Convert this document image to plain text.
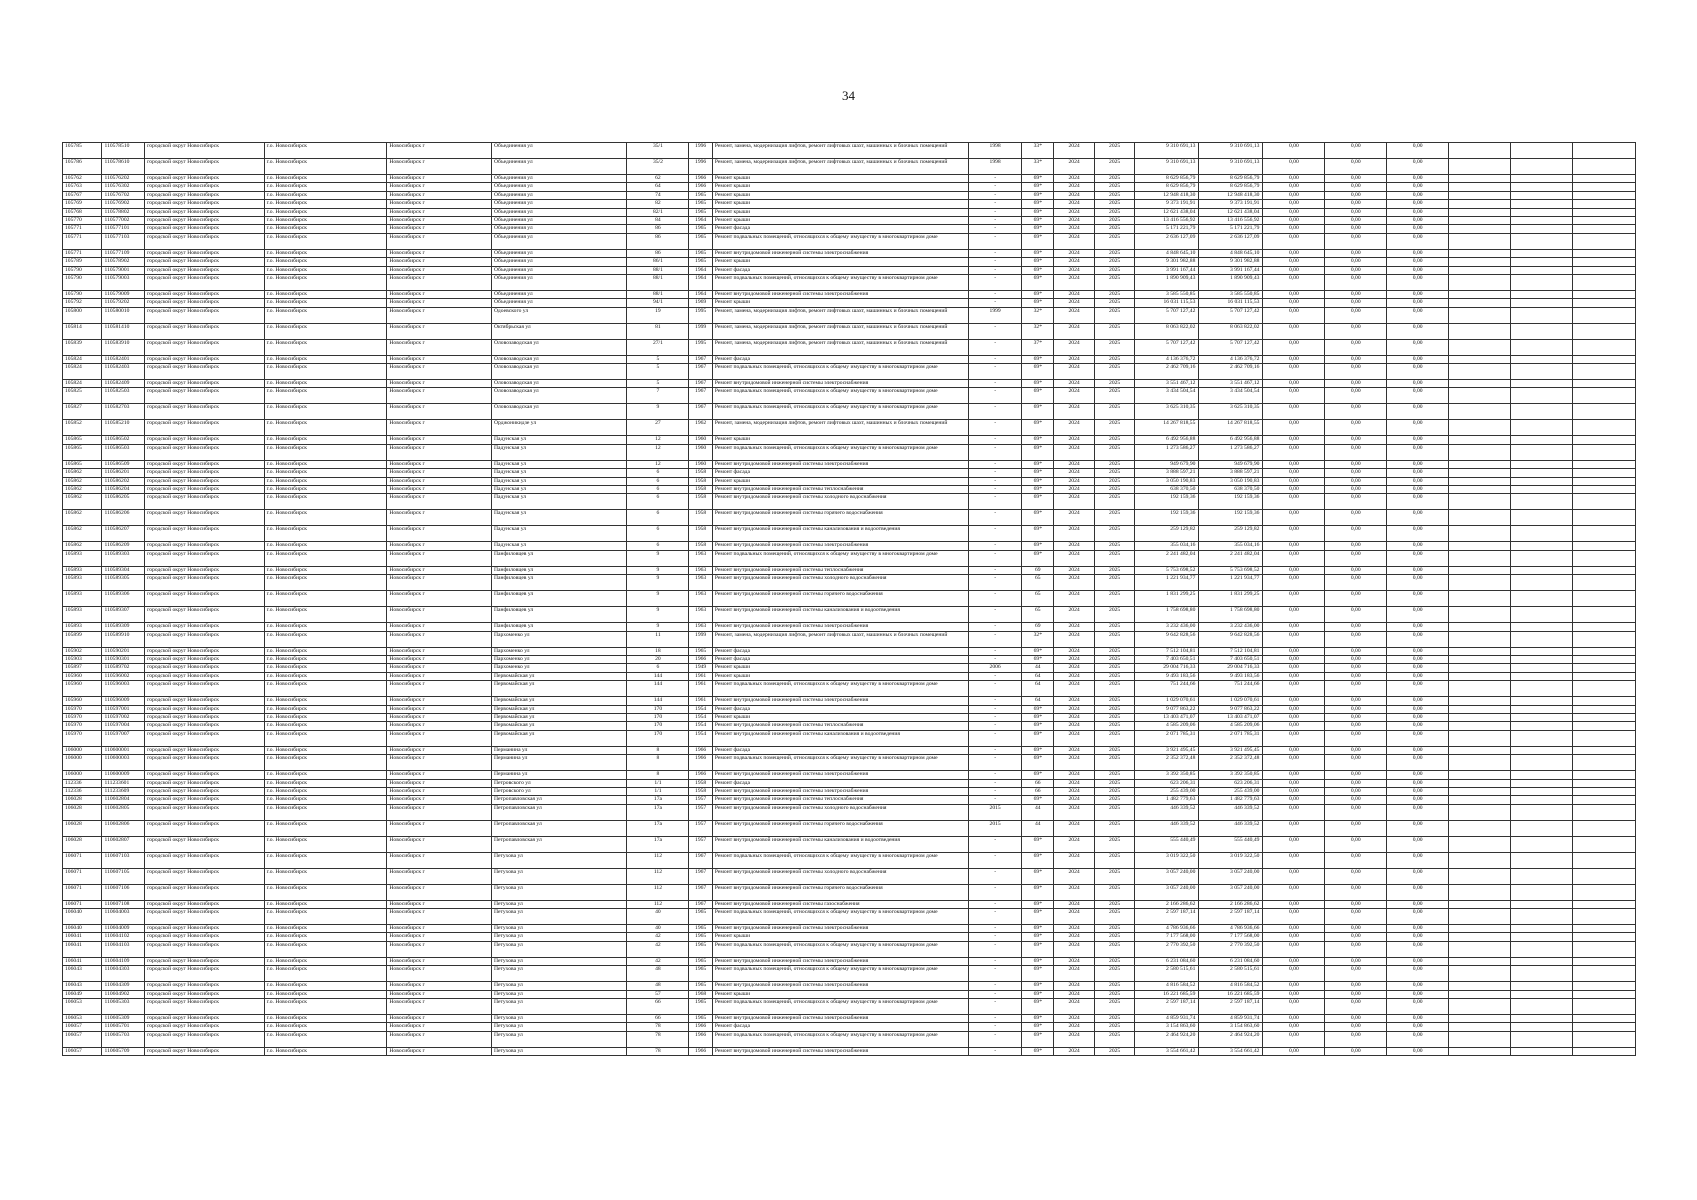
34
105785	110578510	городской округ Новосибирск	г.о. Новосибирск	Новосибирск г	Объединения ул	35/1	1996	Ремонт, замена, модернизация лифтов, ремонт лифтовых шахт, машинных и блочных помещений	1998	33*	2024	2025	9 310 691,13	9 310 691,13	0,00	0,00	0,00			
105786	110578610	городской округ Новосибирск	г.о. Новосибирск	Новосибирск г	Объединения ул	35/2	1996	Ремонт, замена, модернизация лифтов, ремонт лифтовых шахт, машинных и блочных помещений	1998	33*	2024	2025	9 310 691,13	9 310 691,13	0,00	0,00	0,00			
105762	110576202	городской округ Новосибирск	г.о. Новосибирск	Новосибирск г	Объединения ул	62	1966	Ремонт крыши	-	69*	2024	2025	8 629 856,79	8 629 856,79	0,00	0,00	0,00			
105763	110576302	городской округ Новосибирск	г.о. Новосибирск	Новосибирск г	Объединения ул	64	1966	Ремонт крыши	-	69*	2024	2025	8 629 856,79	8 629 856,79	0,00	0,00	0,00			
105767	110576702	городской округ Новосибирск	г.о. Новосибирск	Новосибирск г	Объединения ул	74	1965	Ремонт крыши	-	69*	2024	2025	12 948 418,30	12 948 418,30	0,00	0,00	0,00			
105769	110576902	городской округ Новосибирск	г.о. Новосибирск	Новосибирск г	Объединения ул	82	1965	Ремонт крыши	-	69*	2024	2025	9 373 191,91	9 373 191,91	0,00	0,00	0,00			
105768	110578802	городской округ Новосибирск	г.о. Новосибирск	Новосибирск г	Объединения ул	82/1	1965	Ремонт крыши	-	69*	2024	2025	12 621 438,04	12 621 438,04	0,00	0,00	0,00			
105770	110577002	городской округ Новосибирск	г.о. Новосибирск	Новосибирск г	Объединения ул	84	1964	Ремонт крыши	-	69*	2024	2025	13 416 556,92	13 416 556,92	0,00	0,00	0,00			
105771	110577101	городской округ Новосибирск	г.о. Новосибирск	Новосибирск г	Объединения ул	86	1965	Ремонт фасада	-	69*	2024	2025	5 171 221,79	5 171 221,79	0,00	0,00	0,00			
105771	110577103	городской округ Новосибирск	г.о. Новосибирск	Новосибирск г	Объединения ул	86	1965	Ремонт подвальных помещений, относящихся к общему имуществу в многоквартирном доме	-	69*	2024	2025	2 636 127,09	2 636 127,09	0,00	0,00	0,00			
105771	110577109	городской округ Новосибирск	г.о. Новосибирск	Новосибирск г	Объединения ул	86	1965	Ремонт внутридомовой инженерной системы электроснабжения	-	69*	2024	2025	4 848 645,10	4 848 645,10	0,00	0,00	0,00			
105789	110578902	городской округ Новосибирск	г.о. Новосибирск	Новосибирск г	Объединения ул	86/1	1965	Ремонт крыши	-	69*	2024	2025	9 301 982,88	9 301 982,88	0,00	0,00	0,00			
105790	110579001	городской округ Новосибирск	г.о. Новосибирск	Новосибирск г	Объединения ул	88/1	1964	Ремонт фасада	-	69*	2024	2025	3 991 167,44	3 991 167,44	0,00	0,00	0,00			
105790	110579003	городской округ Новосибирск	г.о. Новосибирск	Новосибирск г	Объединения ул	88/1	1964	Ремонт подвальных помещений, относящихся к общему имуществу в многоквартирном доме	-	69*	2024	2025	1 890 909,43	1 890 909,43	0,00	0,00	0,00			
105790	110579009	городской округ Новосибирск	г.о. Новосибирск	Новосибирск г	Объединения ул	88/1	1964	Ремонт внутридомовой инженерной системы электроснабжения	-	69*	2024	2025	3 585 550,85	3 585 550,85	0,00	0,00	0,00			
105792	110579202	городской округ Новосибирск	г.о. Новосибирск	Новосибирск г	Объединения ул	94/1	1969	Ремонт крыши	-	69*	2024	2025	16 031 115,53	16 031 115,53	0,00	0,00	0,00			
105800	110580010	городской округ Новосибирск	г.о. Новосибирск	Новосибирск г	Одоевского ул	19	1995	Ремонт, замена, модернизация лифтов, ремонт лифтовых шахт, машинных и блочных помещений	1999	32*	2024	2025	5 707 127,42	5 707 127,42	0,00	0,00	0,00			
105814	110581410	городской округ Новосибирск	г.о. Новосибирск	Новосибирск г	Октябрьская ул	81	1999	Ремонт, замена, модернизация лифтов, ремонт лифтовых шахт, машинных и блочных помещений	-	32*	2024	2025	8 063 822,02	8 063 822,02	0,00	0,00	0,00			
105839	110583910	городской округ Новосибирск	г.о. Новосибирск	Новосибирск г	Оловозаводская ул	27/1	1995	Ремонт, замена, модернизация лифтов, ремонт лифтовых шахт, машинных и блочных помещений	-	37*	2024	2025	5 707 127,42	5 707 127,42	0,00	0,00	0,00			
105824	110582401	городской округ Новосибирск	г.о. Новосибирск	Новосибирск г	Оловозаводская ул	5	1967	Ремонт фасада	-	69*	2024	2025	4 136 376,72	4 136 376,72	0,00	0,00	0,00			
105824	110582403	городской округ Новосибирск	г.о. Новосибирск	Новосибирск г	Оловозаводская ул	5	1967	Ремонт подвальных помещений, относящихся к общему имуществу в многоквартирном доме	-	69*	2024	2025	2 462 709,16	2 462 709,16	0,00	0,00	0,00			
105824	110582409	городской округ Новосибирск	г.о. Новосибирск	Новосибирск г	Оловозаводская ул	5	1967	Ремонт внутридомовой инженерной системы электроснабжения	-	69*	2024	2025	3 551 467,12	3 551 467,12	0,00	0,00	0,00			
105825	110582503	городской округ Новосибирск	г.о. Новосибирск	Новосибирск г	Оловозаводская ул	7	1967	Ремонт подвальных помещений, относящихся к общему имуществу в многоквартирном доме	-	69*	2024	2025	3 434 504,54	3 434 504,54	0,00	0,00	0,00			
105827	110582703	городской округ Новосибирск	г.о. Новосибирск	Новосибирск г	Оловозаводская ул	9	1967	Ремонт подвальных помещений, относящихся к общему имуществу в многоквартирном доме	-	69*	2024	2025	3 625 310,35	3 625 310,35	0,00	0,00	0,00			
105852	110585210	городской округ Новосибирск	г.о. Новосибирск	Новосибирск г	Орджоникидзе ул	27	1962	Ремонт, замена, модернизация лифтов, ремонт лифтовых шахт, машинных и блочных помещений	-	69*	2024	2025	14 267 818,55	14 267 818,55	0,00	0,00	0,00			
105865	110586502	городской округ Новосибирск	г.о. Новосибирск	Новосибирск г	Падунская ул	12	1960	Ремонт крыши	-	69*	2024	2025	6 492 956,88	6 492 956,88	0,00	0,00	0,00			
105865	110586503	городской округ Новосибирск	г.о. Новосибирск	Новосибирск г	Падунская ул	12	1960	Ремонт подвальных помещений, относящихся к общему имуществу в многоквартирном доме	-	69*	2024	2025	1 273 586,27	1 273 586,27	0,00	0,00	0,00			
105865	110586509	городской округ Новосибирск	г.о. Новосибирск	Новосибирск г	Падунская ул	12	1960	Ремонт внутридомовой инженерной системы электроснабжения	-	69*	2024	2025	949 679,90	949 679,90	0,00	0,00	0,00			
105862	110586201	городской округ Новосибирск	г.о. Новосибирск	Новосибирск г	Падунская ул	6	1958	Ремонт фасада	-	69*	2024	2025	3 888 597,21	3 888 597,21	0,00	0,00	0,00			
105862	110586202	городской округ Новосибирск	г.о. Новосибирск	Новосибирск г	Падунская ул	6	1958	Ремонт крыши	-	69*	2024	2025	3 050 190,83	3 050 190,83	0,00	0,00	0,00			
105862	110586204	городской округ Новосибирск	г.о. Новосибирск	Новосибирск г	Падунская ул	6	1958	Ремонт внутридомовой инженерной системы теплоснабжения	-	69*	2024	2025	638 370,50	638 370,50	0,00	0,00	0,00			
105862	110586205	городской округ Новосибирск	г.о. Новосибирск	Новосибирск г	Падунская ул	6	1958	Ремонт внутридомовой инженерной системы холодного водоснабжения	-	69*	2024	2025	192 159,36	192 159,36	0,00	0,00	0,00			
105862	110586206	городской округ Новосибирск	г.о. Новосибирск	Новосибирск г	Падунская ул	6	1958	Ремонт внутридомовой инженерной системы горячего водоснабжения	-	69*	2024	2025	192 159,36	192 159,36	0,00	0,00	0,00			
105862	110586207	городской округ Новосибирск	г.о. Новосибирск	Новосибирск г	Падунская ул	6	1958	Ремонт внутридомовой инженерной системы канализования и водоотведения	-	69*	2024	2025	259 129,82	259 129,82	0,00	0,00	0,00			
105862	110586209	городской округ Новосибирск	г.о. Новосибирск	Новосибирск г	Падунская ул	6	1958	Ремонт внутридомовой инженерной системы электроснабжения	-	69*	2024	2025	355 034,16	355 034,16	0,00	0,00	0,00			
105893	110589303	городской округ Новосибирск	г.о. Новосибирск	Новосибирск г	Панфиловцев ул	9	1963	Ремонт подвальных помещений, относящихся к общему имуществу в многоквартирном доме	-	69*	2024	2025	2 241 482,04	2 241 482,04	0,00	0,00	0,00			
105893	110589304	городской округ Новосибирск	г.о. Новосибирск	Новосибирск г	Панфиловцев ул	9	1963	Ремонт внутридомовой инженерной системы теплоснабжения	-	69	2024	2025	5 753 698,52	5 753 698,52	0,00	0,00	0,00			
105893	110589305	городской округ Новосибирск	г.о. Новосибирск	Новосибирск г	Панфиловцев ул	9	1963	Ремонт внутридомовой инженерной системы холодного водоснабжения	-	65	2024	2025	1 221 934,77	1 221 934,77	0,00	0,00	0,00			
105893	110589306	городской округ Новосибирск	г.о. Новосибирск	Новосибирск г	Панфиловцев ул	9	1963	Ремонт внутридомовой инженерной системы горячего водоснабжения	-	65	2024	2025	1 831 299,25	1 831 299,25	0,00	0,00	0,00			
105893	110589307	городской округ Новосибирск	г.о. Новосибирск	Новосибирск г	Панфиловцев ул	9	1963	Ремонт внутридомовой инженерной системы канализования и водоотведения	-	65	2024	2025	1 758 698,80	1 758 698,80	0,00	0,00	0,00			
105893	110589309	городской округ Новосибирск	г.о. Новосибирск	Новосибирск г	Панфиловцев ул	9	1963	Ремонт внутридомовой инженерной системы электроснабжения	-	69	2024	2025	3 232 436,00	3 232 436,00	0,00	0,00	0,00			
105899	110589910	городской округ Новосибирск	г.о. Новосибирск	Новосибирск г	Пархоменко ул	11	1999	Ремонт, замена, модернизация лифтов, ремонт лифтовых шахт, машинных и блочных помещений	-	32*	2024	2025	9 642 828,56	9 642 828,56	0,00	0,00	0,00			
105902	110590201	городской округ Новосибирск	г.о. Новосибирск	Новосибирск г	Пархоменко ул	18	1965	Ремонт фасада	-	69*	2024	2025	7 512 104,81	7 512 104,81	0,00	0,00	0,00			
105903	110590301	городской округ Новосибирск	г.о. Новосибирск	Новосибирск г	Пархоменко ул	20	1966	Ремонт фасада	-	69*	2024	2025	7 403 650,51	7 403 650,51	0,00	0,00	0,00			
105897	110589702	городской округ Новосибирск	г.о. Новосибирск	Новосибирск г	Пархоменко ул	6	1949	Ремонт крыши	2006	44	2024	2025	29 004 716,33	29 004 716,33	0,00	0,00	0,00			
105960	110596002	городской округ Новосибирск	г.о. Новосибирск	Новосибирск г	Первомайская ул	144	1961	Ремонт крыши	-	64	2024	2025	9 493 183,56	9 493 183,56	0,00	0,00	0,00			
105960	110596003	городской округ Новосибирск	г.о. Новосибирск	Новосибирск г	Первомайская ул	144	1961	Ремонт подвальных помещений, относящихся к общему имуществу в многоквартирном доме	-	64	2024	2025	751 244,66	751 244,66	0,00	0,00	0,00			
105960	110596009	городской округ Новосибирск	г.о. Новосибирск	Новосибирск г	Первомайская ул	144	1961	Ремонт внутридомовой инженерной системы электроснабжения	-	64	2024	2025	1 029 070,61	1 029 070,61	0,00	0,00	0,00			
105970	110597001	городской округ Новосибирск	г.о. Новосибирск	Новосибирск г	Первомайская ул	170	1954	Ремонт фасада	-	69*	2024	2025	9 077 863,22	9 077 863,22	0,00	0,00	0,00			
105970	110597002	городской округ Новосибирск	г.о. Новосибирск	Новосибирск г	Первомайская ул	170	1954	Ремонт крыши	-	69*	2024	2025	13 403 471,07	13 403 471,07	0,00	0,00	0,00			
105970	110597004	городской округ Новосибирск	г.о. Новосибирск	Новосибирск г	Первомайская ул	170	1954	Ремонт внутридомовой инженерной системы теплоснабжения	-	69*	2024	2025	4 585 209,06	4 585 209,06	0,00	0,00	0,00			
105970	110597007	городской округ Новосибирск	г.о. Новосибирск	Новосибирск г	Первомайская ул	170	1954	Ремонт внутридомовой инженерной системы канализования и водоотведения	-	69*	2024	2025	2 071 785,31	2 071 785,31	0,00	0,00	0,00			
106000	110600001	городской округ Новосибирск	г.о. Новосибирск	Новосибирск г	Перманина ул	8	1966	Ремонт фасада	-	69*	2024	2025	3 921 495,45	3 921 495,45	0,00	0,00	0,00			
106000	110600003	городской округ Новосибирск	г.о. Новосибирск	Новосибирск г	Перманина ул	8	1966	Ремонт подвальных помещений, относящихся к общему имуществу в многоквартирном доме	-	69*	2024	2025	2 352 372,48	2 352 372,48	0,00	0,00	0,00			
106000	110600009	городской округ Новосибирск	г.о. Новосибирск	Новосибирск г	Перманина ул	8	1966	Ремонт внутридомовой инженерной системы электроснабжения	-	69*	2024	2025	3 392 350,85	3 392 350,85	0,00	0,00	0,00			
112336	111233601	городской округ Новосибирск	г.о. Новосибирск	Новосибирск г	Петровского ул	1/1	1958	Ремонт фасада	-	66	2024	2025	623 206,31	623 206,31	0,00	0,00	0,00			
112336	111233609	городской округ Новосибирск	г.о. Новосибирск	Новосибирск г	Петровского ул	1/1	1958	Ремонт внутридомовой инженерной системы электроснабжения	-	66	2024	2025	255 439,00	255 439,00	0,00	0,00	0,00			
106028	110602804	городской округ Новосибирск	г.о. Новосибирск	Новосибирск г	Петропавловская ул	17а	1957	Ремонт внутридомовой инженерной системы теплоснабжения	-	69*	2024	2025	1 482 779,63	1 482 779,63	0,00	0,00	0,00			
106028	110602805	городской округ Новосибирск	г.о. Новосибирск	Новосибирск г	Петропавловская ул	17а	1957	Ремонт внутридомовой инженерной системы холодного водоснабжения	2015	44	2024	2025	446 339,52	446 339,52	0,00	0,00	0,00			
106028	110602806	городской округ Новосибирск	г.о. Новосибирск	Новосибирск г	Петропавловская ул	17а	1957	Ремонт внутридомовой инженерной системы горячего водоснабжения	2015	44	2024	2025	446 339,52	446 339,52	0,00	0,00	0,00			
106028	110602807	городской округ Новосибирск	г.о. Новосибирск	Новосибирск г	Петропавловская ул	17а	1957	Ремонт внутридомовой инженерной системы канализования и водоотведения	-	69*	2024	2025	555 440,49	555 440,49	0,00	0,00	0,00			
106071	110607103	городской округ Новосибирск	г.о. Новосибирск	Новосибирск г	Петухова ул	112	1967	Ремонт подвальных помещений, относящихся к общему имуществу в многоквартирном доме	-	69*	2024	2025	3 019 322,50	3 019 322,50	0,00	0,00	0,00			
106071	110607105	городской округ Новосибирск	г.о. Новосибирск	Новосибирск г	Петухова ул	112	1967	Ремонт внутридомовой инженерной системы холодного водоснабжения	-	69*	2024	2025	3 057 240,00	3 057 240,00	0,00	0,00	0,00			
106071	110607106	городской округ Новосибирск	г.о. Новосибирск	Новосибирск г	Петухова ул	112	1967	Ремонт внутридомовой инженерной системы горячего водоснабжения	-	69*	2024	2025	3 057 240,00	3 057 240,00	0,00	0,00	0,00			
106071	110607108	городской округ Новосибирск	г.о. Новосибирск	Новосибирск г	Петухова ул	112	1967	Ремонт внутридомовой инженерной системы газоснабжения	-	69*	2024	2025	2 166 286,62	2 166 286,62	0,00	0,00	0,00			
106040	110604003	городской округ Новосибирск	г.о. Новосибирск	Новосибирск г	Петухова ул	40	1965	Ремонт подвальных помещений, относящихся к общему имуществу в многоквартирном доме	-	69*	2024	2025	2 597 187,14	2 597 187,14	0,00	0,00	0,00			
106040	110604009	городской округ Новосибирск	г.о. Новосибирск	Новосибирск г	Петухова ул	40	1965	Ремонт внутридомовой инженерной системы электроснабжения	-	69*	2024	2025	4 786 936,66	4 786 936,66	0,00	0,00	0,00			
106041	110604102	городской округ Новосибирск	г.о. Новосибирск	Новосибирск г	Петухова ул	42	1965	Ремонт крыши	-	69*	2024	2025	7 177 568,00	7 177 568,00	0,00	0,00	0,00			
106041	110604103	городской округ Новосибирск	г.о. Новосибирск	Новосибирск г	Петухова ул	42	1965	Ремонт подвальных помещений, относящихся к общему имуществу в многоквартирном доме	-	69*	2024	2025	2 770 392,50	2 770 392,50	0,00	0,00	0,00			
106041	110604109	городской округ Новосибирск	г.о. Новосибирск	Новосибирск г	Петухова ул	42	1965	Ремонт внутридомовой инженерной системы электроснабжения	-	69*	2024	2025	6 231 084,60	6 231 084,60	0,00	0,00	0,00			
106043	110604303	городской округ Новосибирск	г.о. Новосибирск	Новосибирск г	Петухова ул	48	1965	Ремонт подвальных помещений, относящихся к общему имуществу в многоквартирном доме	-	69*	2024	2025	2 580 515,61	2 580 515,61	0,00	0,00	0,00			
106043	110604309	городской округ Новосибирск	г.о. Новосибирск	Новосибирск г	Петухова ул	48	1965	Ремонт внутридомовой инженерной системы электроснабжения	-	69*	2024	2025	4 816 584,52	4 816 584,52	0,00	0,00	0,00			
106049	110604902	городской округ Новосибирск	г.о. Новосибирск	Новосибирск г	Петухова ул	57	1968	Ремонт крыши	-	69*	2024	2025	16 221 685,59	16 221 685,59	0,00	0,00	0,00			
106053	110605303	городской округ Новосибирск	г.о. Новосибирск	Новосибирск г	Петухова ул	66	1965	Ремонт подвальных помещений, относящихся к общему имуществу в многоквартирном доме	-	69*	2024	2025	2 597 187,14	2 597 187,14	0,00	0,00	0,00			
106053	110605309	городской округ Новосибирск	г.о. Новосибирск	Новосибирск г	Петухова ул	66	1965	Ремонт внутридомовой инженерной системы электроснабжения	-	69*	2024	2025	4 859 931,74	4 859 931,74	0,00	0,00	0,00			
106057	110605701	городской округ Новосибирск	г.о. Новосибирск	Новосибирск г	Петухова ул	78	1966	Ремонт фасада	-	69*	2024	2025	3 154 863,60	3 154 863,60	0,00	0,00	0,00			
106057	110605703	городской округ Новосибирск	г.о. Новосибирск	Новосибирск г	Петухова ул	78	1966	Ремонт подвальных помещений, относящихся к общему имуществу в многоквартирном доме	-	69*	2024	2025	2 464 924,20	2 464 924,20	0,00	0,00	0,00			
106057	110605709	городской округ Новосибирск	г.о. Новосибирск	Новосибирск г	Петухова ул	78	1966	Ремонт внутридомовой инженерной системы электроснабжения	-	69*	2024	2025	3 554 661,42	3 554 661,42	0,00	0,00	0,00			
